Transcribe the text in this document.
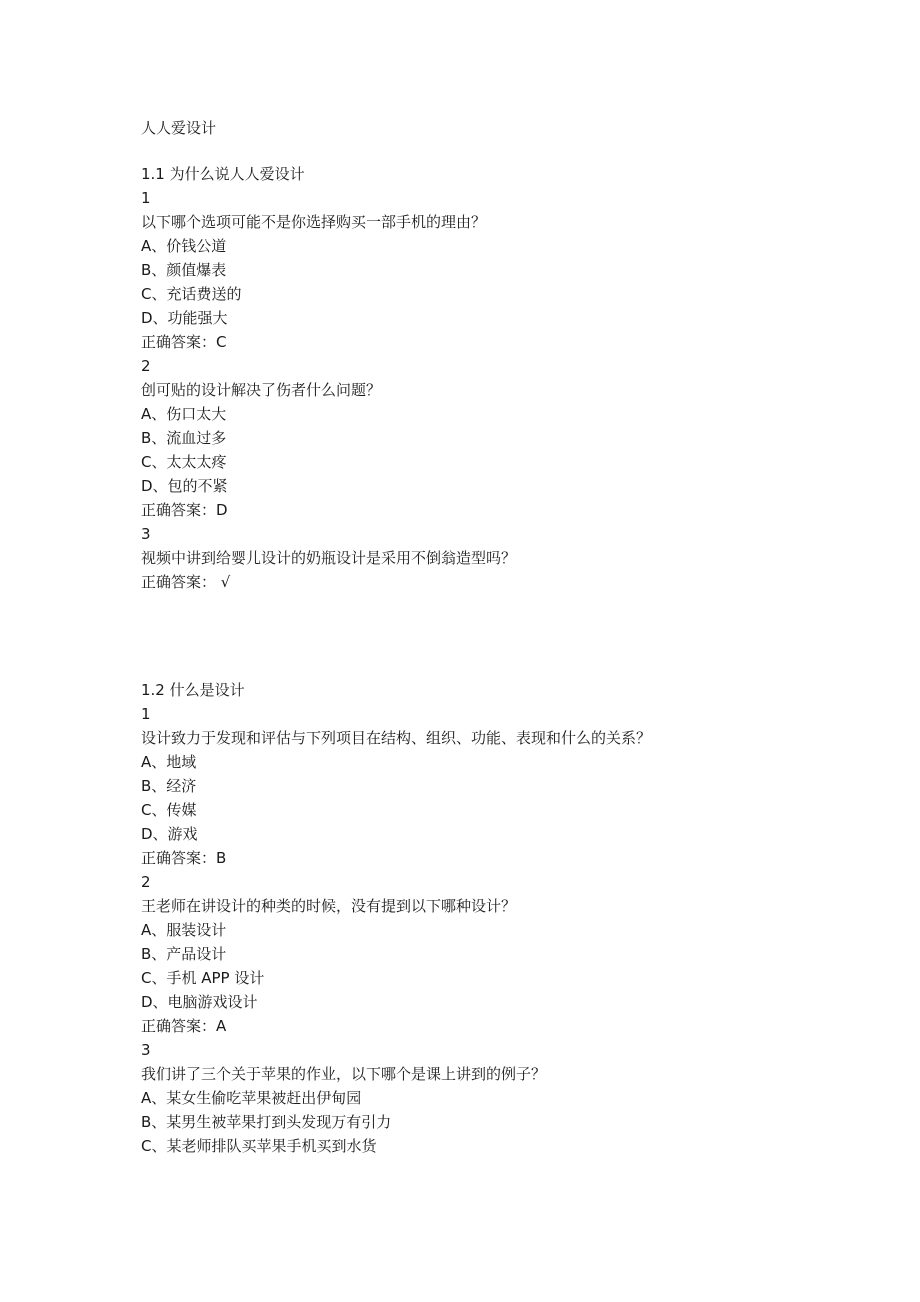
人人爱设计
1.1 为什么说人人爱设计
1
以下哪个选项可能不是你选择购买一部手机的理由？
A、价钱公道
B、颜值爆表
C、充话费送的
D、功能强大
正确答案：C
2
创可贴的设计解决了伤者什么问题？
A、伤口太大
B、流血过多
C、太太太疼
D、包的不紧
正确答案：D
3
视频中讲到给婴儿设计的奶瓶设计是采用不倒翁造型吗？
正确答案： √
1.2 什么是设计
1
设计致力于发现和评估与下列项目在结构、组织、功能、表现和什么的关系？
A、地域
B、经济
C、传媒
D、游戏
正确答案：B
2
王老师在讲设计的种类的时候，没有提到以下哪种设计？
A、服装设计
B、产品设计
C、手机 APP 设计
D、电脑游戏设计
正确答案：A
3
我们讲了三个关于苹果的作业，以下哪个是课上讲到的例子？
A、某女生偷吃苹果被赶出伊甸园
B、某男生被苹果打到头发现万有引力
C、某老师排队买苹果手机买到水货
